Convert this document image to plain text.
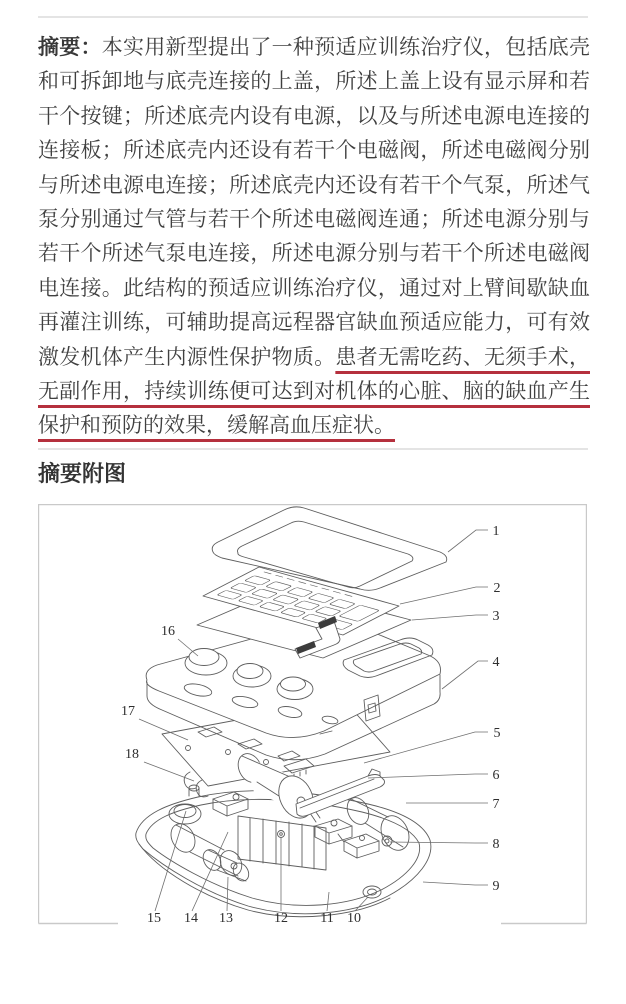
摘要：本实用新型提出了一种预适应训练治疗仪，包括底壳和可拆卸地与底壳连接的上盖，所述上盖上设有显示屏和若干个按键；所述底壳内设有电源，以及与所述电源电连接的连接板；所述底壳内还设有若干个电磁阀，所述电磁阀分别与所述电源电连接；所述底壳内还设有若干个气泵，所述气泵分别通过气管与若干个所述电磁阀连通；所述电源分别与若干个所述气泵电连接，所述电源分别与若干个所述电磁阀电连接。此结构的预适应训练治疗仪，通过对上臂间歇缺血再灌注训练，可辅助提高远程器官缺血预适应能力，可有效激发机体产生内源性保护物质。患者无需吃药、无须手术，无副作用，持续训练便可达到对机体的心脏、脑的缺血产生保护和预防的效果，缓解高血压症状。

摘要附图
1
2
3
4
5
6
7
8
9
16
17
18
15 14 13	12 11 10
